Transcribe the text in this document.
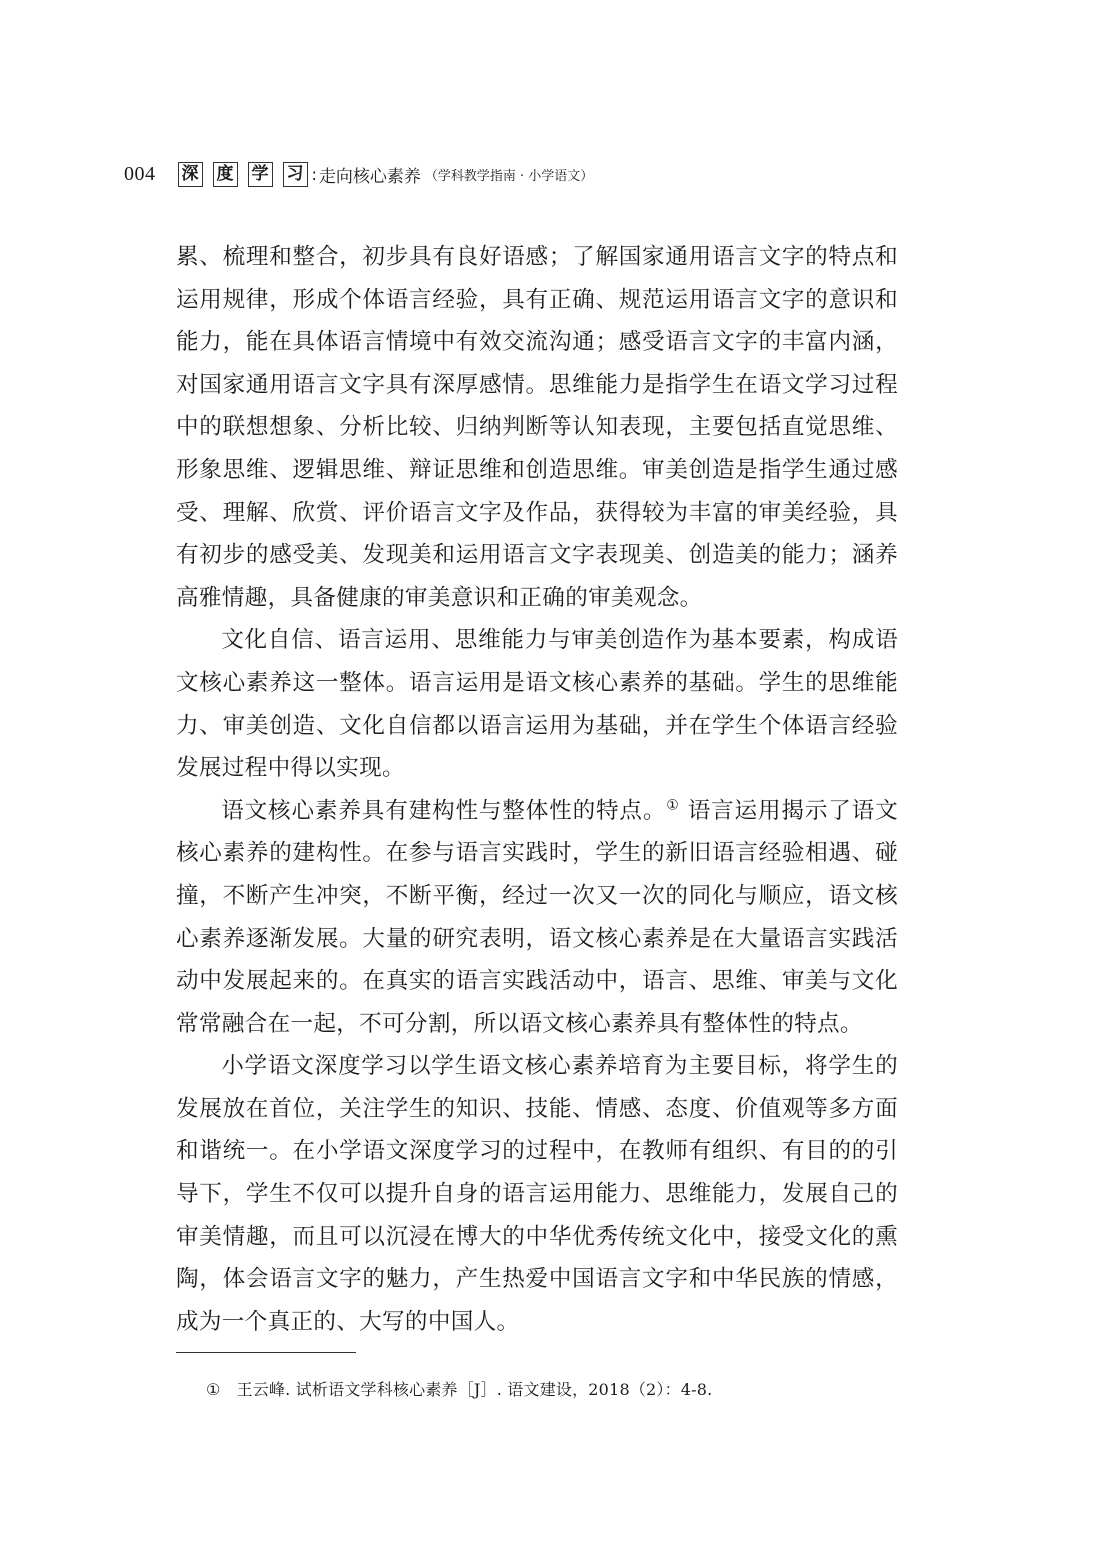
004 深 度 学 习 : 走向核心素养 （学科教学指南 · 小学语文）

累、梳理和整合，初步具有良好语感；了解国家通用语言文字的特点和运用规律，形成个体语言经验，具有正确、规范运用语言文字的意识和能力，能在具体语言情境中有效交流沟通；感受语言文字的丰富内涵，对国家通用语言文字具有深厚感情。思维能力是指学生在语文学习过程中的联想想象、分析比较、归纳判断等认知表现，主要包括直觉思维、形象思维、逻辑思维、辩证思维和创造思维。审美创造是指学生通过感受、理解、欣赏、评价语言文字及作品，获得较为丰富的审美经验，具有初步的感受美、发现美和运用语言文字表现美、创造美的能力；涵养高雅情趣，具备健康的审美意识和正确的审美观念。

文化自信、语言运用、思维能力与审美创造作为基本要素，构成语文核心素养这一整体。语言运用是语文核心素养的基础。学生的思维能力、审美创造、文化自信都以语言运用为基础，并在学生个体语言经验发展过程中得以实现。

语文核心素养具有建构性与整体性的特点。① 语言运用揭示了语文核心素养的建构性。在参与语言实践时，学生的新旧语言经验相遇、碰撞，不断产生冲突，不断平衡，经过一次又一次的同化与顺应，语文核心素养逐渐发展。大量的研究表明，语文核心素养是在大量语言实践活动中发展起来的。在真实的语言实践活动中，语言、思维、审美与文化常常融合在一起，不可分割，所以语文核心素养具有整体性的特点。

小学语文深度学习以学生语文核心素养培育为主要目标，将学生的发展放在首位，关注学生的知识、技能、情感、态度、价值观等多方面和谐统一。在小学语文深度学习的过程中，在教师有组织、有目的的引导下，学生不仅可以提升自身的语言运用能力、思维能力，发展自己的审美情趣，而且可以沉浸在博大的中华优秀传统文化中，接受文化的熏陶，体会语言文字的魅力，产生热爱中国语言文字和中华民族的情感，成为一个真正的、大写的中国人。

① 王云峰. 试析语文学科核心素养［J］. 语文建设，2018（2）：4-8.
